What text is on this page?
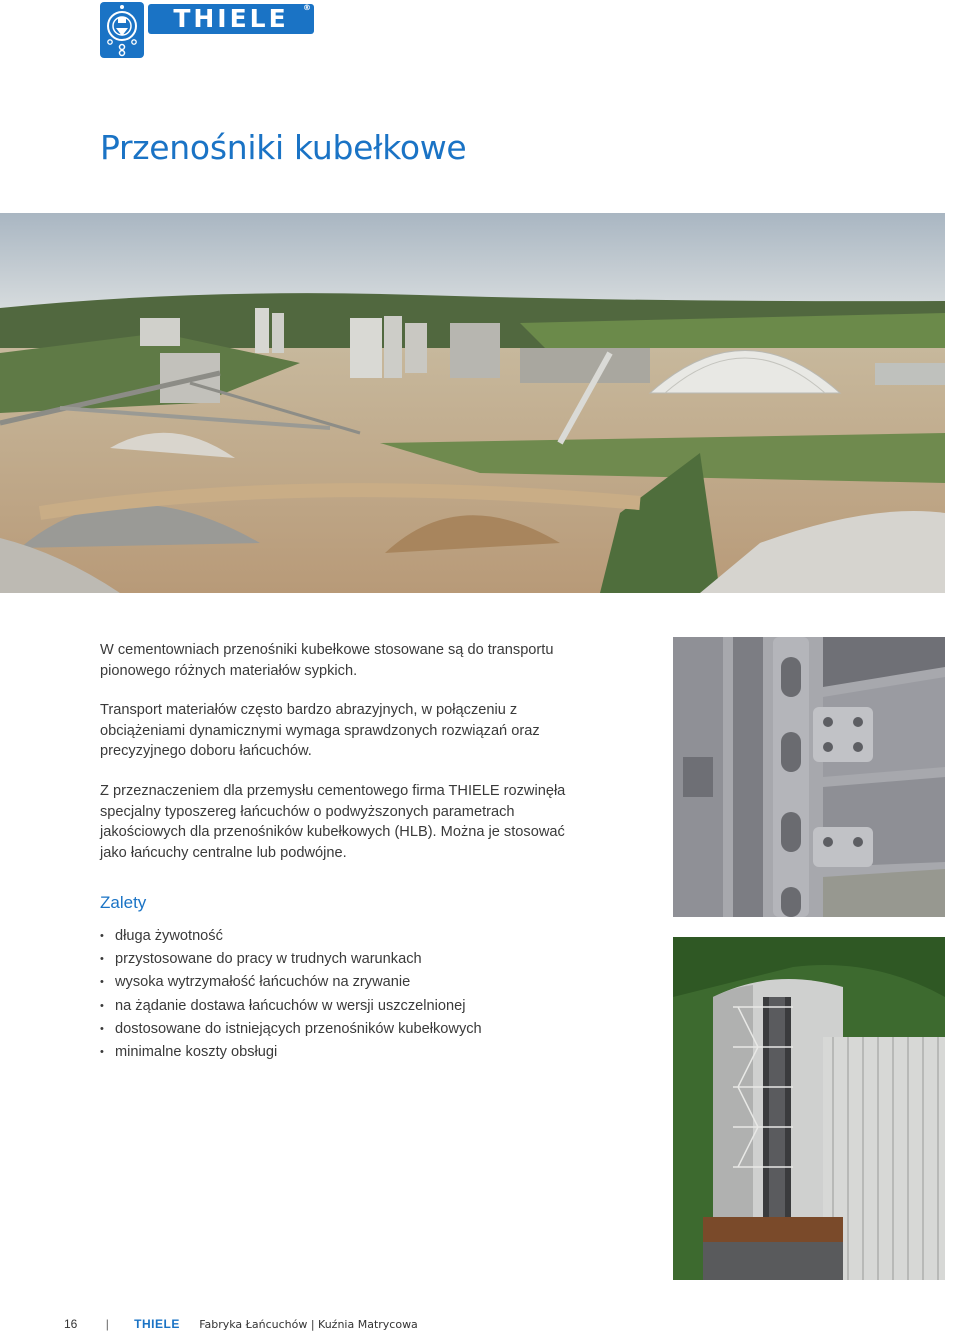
THIELE ®
Przenośniki kubełkowe

W cementowniach przenośniki kubełkowe stosowane są do transportu pionowego różnych materiałów sypkich.

Transport materiałów często bardzo abrazyjnych, w połączeniu z obciążeniami dynamicznymi wymaga sprawdzonych rozwiązań oraz precyzyjnego doboru łańcuchów.

Z przeznaczeniem dla przemysłu cementowego firma THIELE rozwinęła specjalny typoszereg łańcuchów o podwyższonych parametrach jakościowych dla przenośników kubełkowych (HLB). Można je stosować jako łańcuchy centralne lub podwójne.

Zalety
• długa żywotność
• przystosowane do pracy w trudnych warunkach
• wysoka wytrzymałość łańcuchów na zrywanie
• na żądanie dostawa łańcuchów w wersji uszczelnionej
• dostosowane do istniejących przenośników kubełkowych
• minimalne koszty obsługi
16 | THIELE Fabryka Łańcuchów | Kuźnia Matrycowa
